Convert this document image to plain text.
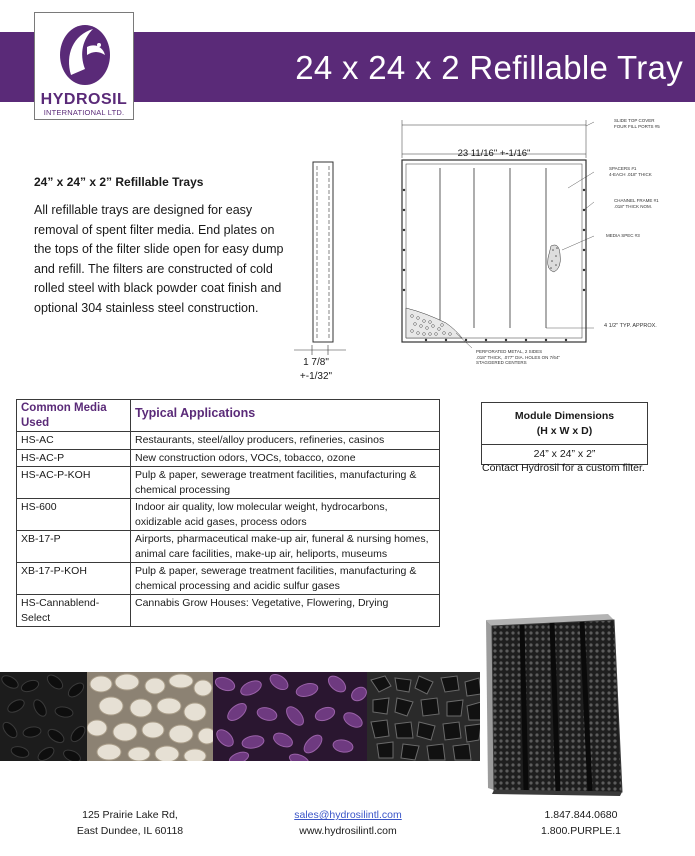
24 x 24 x 2 Refillable Tray
HYDROSIL
INTERNATIONAL LTD.
24” x 24” x 2” Refillable Trays
All refillable trays are designed for easy removal of spent filter media. End plates on the tops of the filter slide open for easy dump and refill. The filters are constructed of cold rolled steel with black powder coat finish and optional 304 stainless steel construction.
1 7/8"
+-1/32"
23 11/16" +-1/16"
SLIDE TOP COVER
FOUR FILL PORTS #5
SPACERS #1
4-EACH .018" THICK
CHANNEL FRAME #1
.018" THICK NOM.
MEDIA SPEC #3
4 1/2" TYP. APPROX.
PERFORATED METAL, 2 SIDES
.018" THICK, .077" DIA. HOLES ON 7/64"
STAGGERED CENTERS
Common Media Used	Typical Applications
HS-AC	Restaurants, steel/alloy producers, refineries, casinos
HS-AC-P	New construction odors, VOCs, tobacco, ozone
HS-AC-P-KOH	Pulp & paper, sewerage treatment facilities, manufacturing & chemical processing
HS-600	Indoor air quality, low molecular weight, hydrocarbons, oxidizable acid gases, process odors
XB-17-P	Airports, pharmaceutical make-up air, funeral & nursing homes, animal care facilities, make-up air, heliports, museums
XB-17-P-KOH	Pulp & paper, sewerage treatment facilities, manufacturing & chemical processing and acidic sulfur gases
HS-Cannablend-Select	Cannabis Grow Houses: Vegetative, Flowering, Drying
Module Dimensions
(H x W x D)

24” x 24” x 2”
Contact Hydrosil for a custom filter.
125 Prairie Lake Rd,
East Dundee, IL 60118
sales@hydrosilintl.com
www.hydrosilintl.com
1.847.844.0680
1.800.PURPLE.1
